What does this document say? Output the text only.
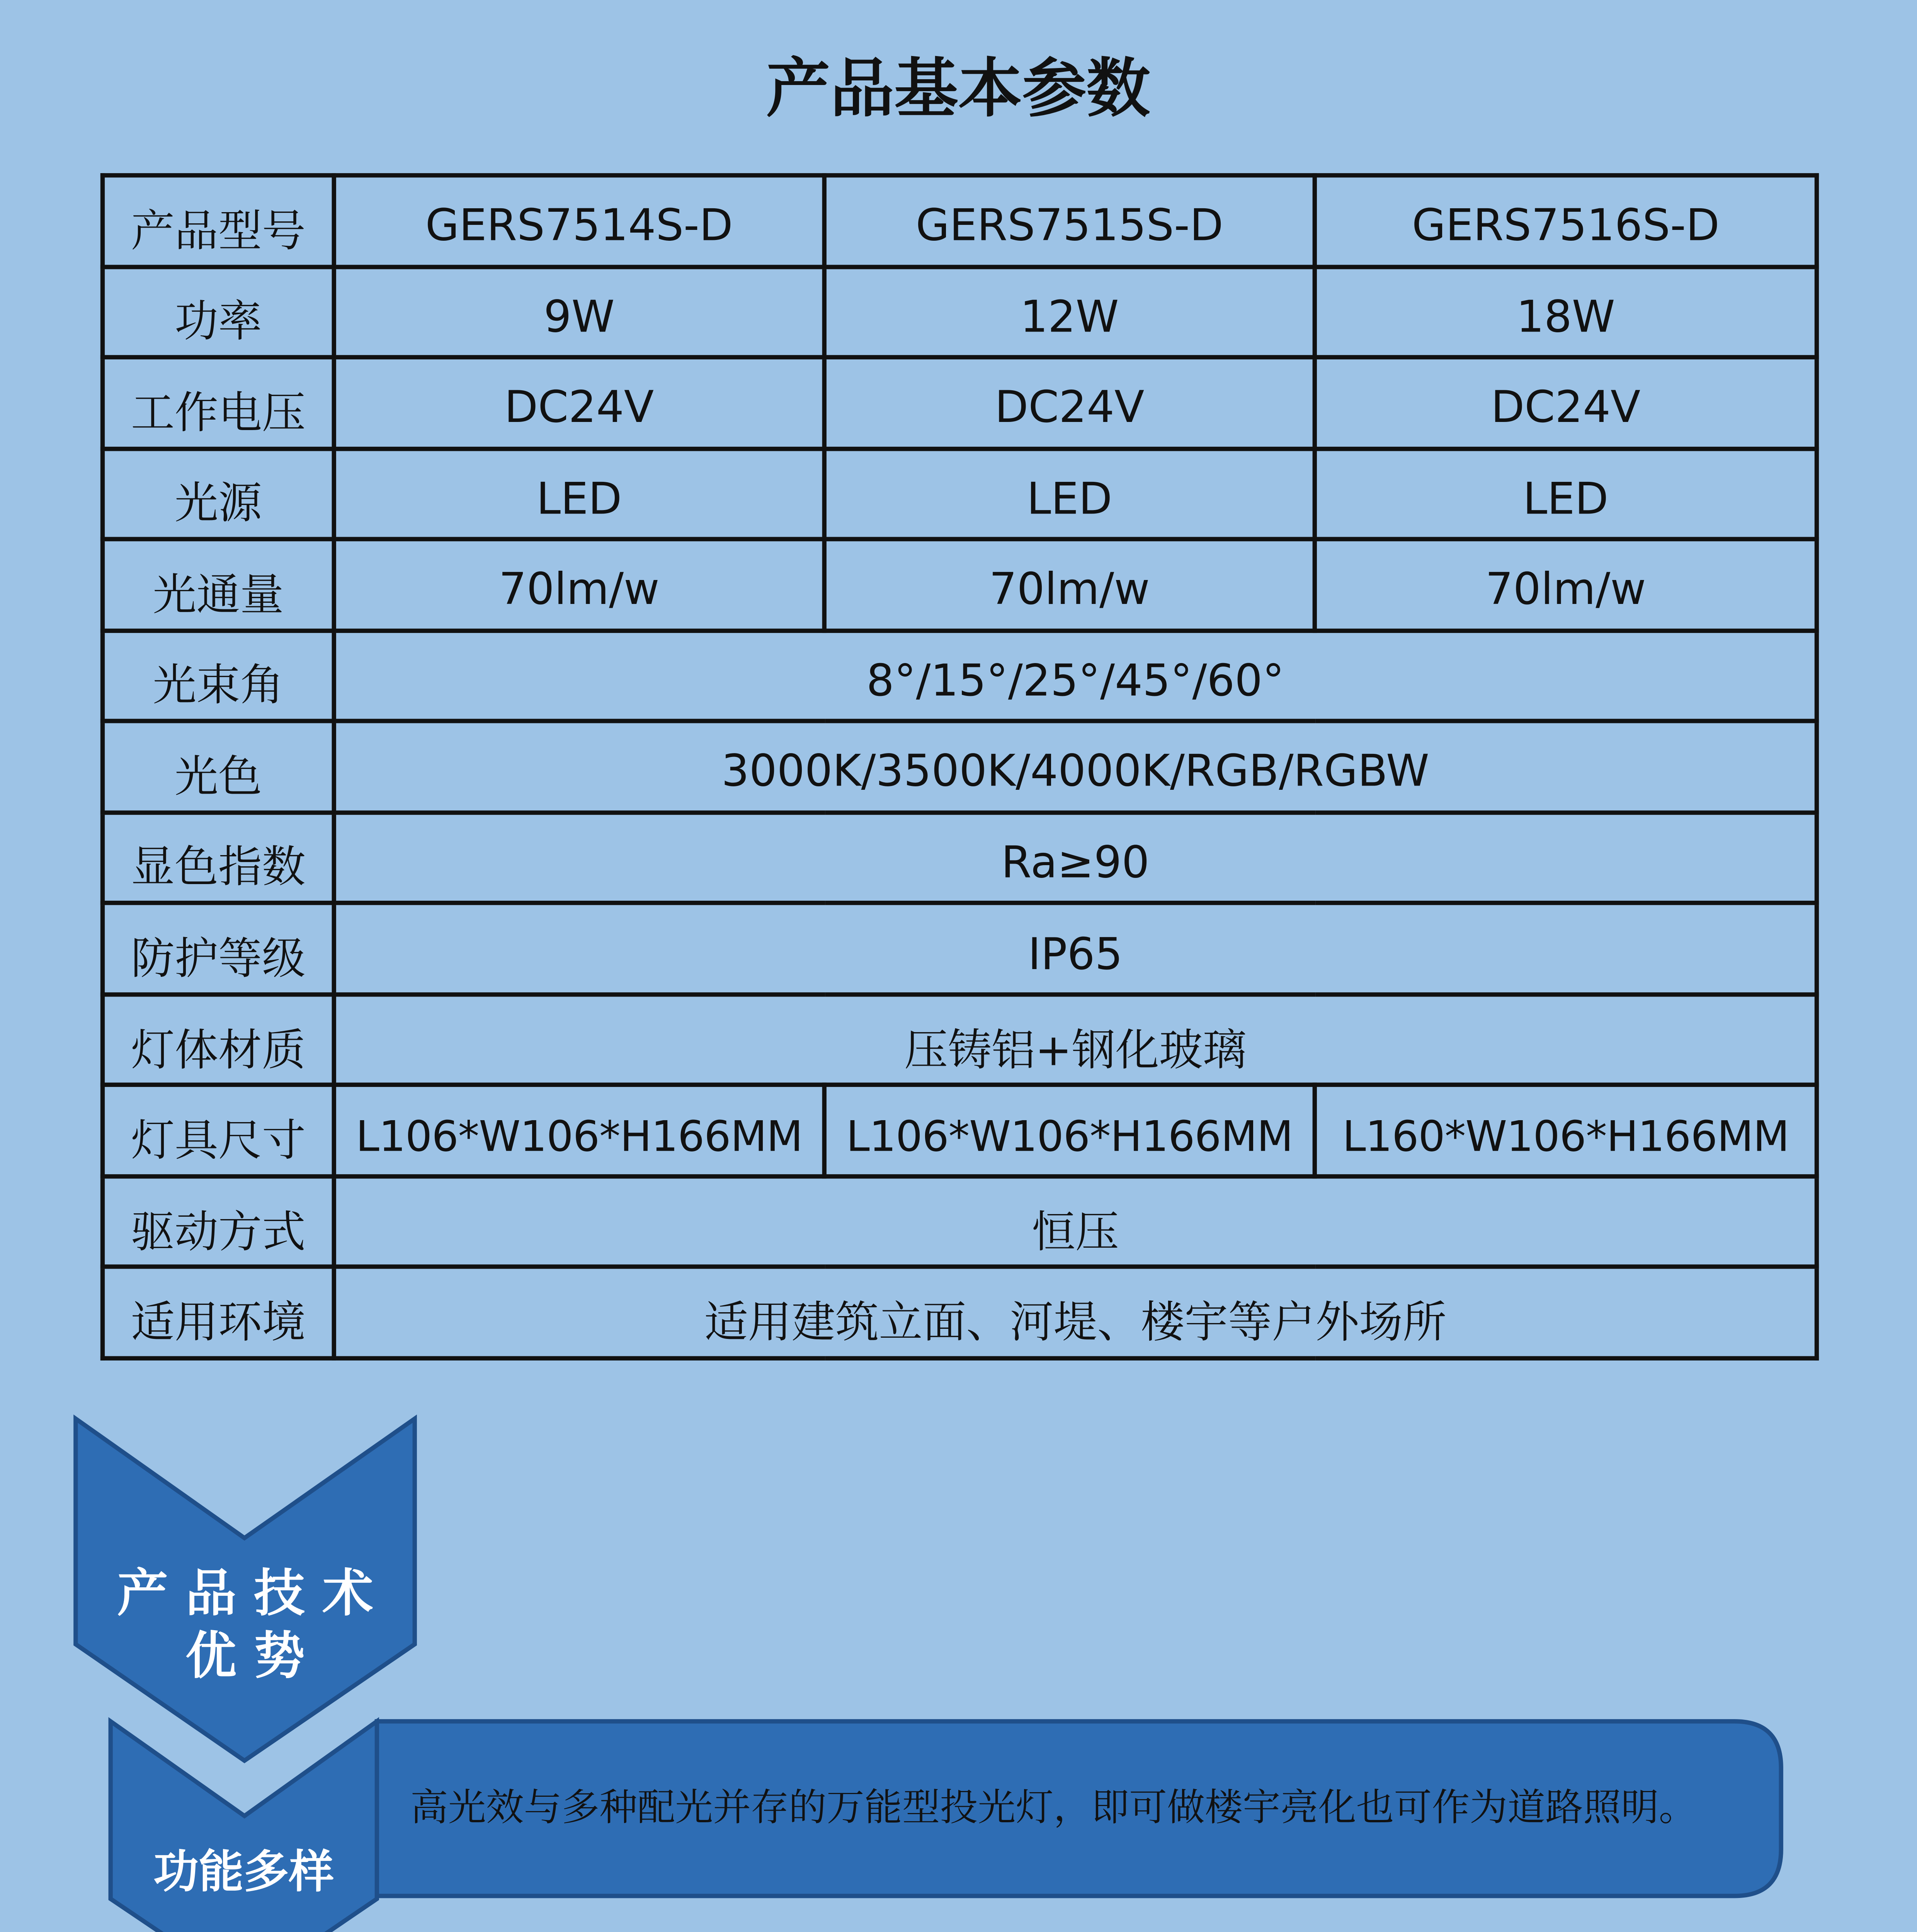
产品基本参数
产品型号	GERS7514S-D	GERS7515S-D	GERS7516S-D
功率	9W	12W	18W
工作电压	DC24V	DC24V	DC24V
光源	LED	LED	LED
光通量	70lm/w	70lm/w	70lm/w
光束角	8°/15°/25°/45°/60°		
光色	3000K/3500K/4000K/RGB/RGBW		
显色指数	Ra≥90		
防护等级	IP65		
灯体材质	压铸铝+钢化玻璃		
灯具尺寸	L106*W106*H166MM	L106*W106*H166MM	L160*W106*H166MM
驱动方式	恒压		
适用环境	适用建筑立面、河堤、楼宇等户外场所		
产品技术
优势
功能多样
高光效与多种配光并存的万能型投光灯，即可做楼宇亮化也可作为道路照明。
